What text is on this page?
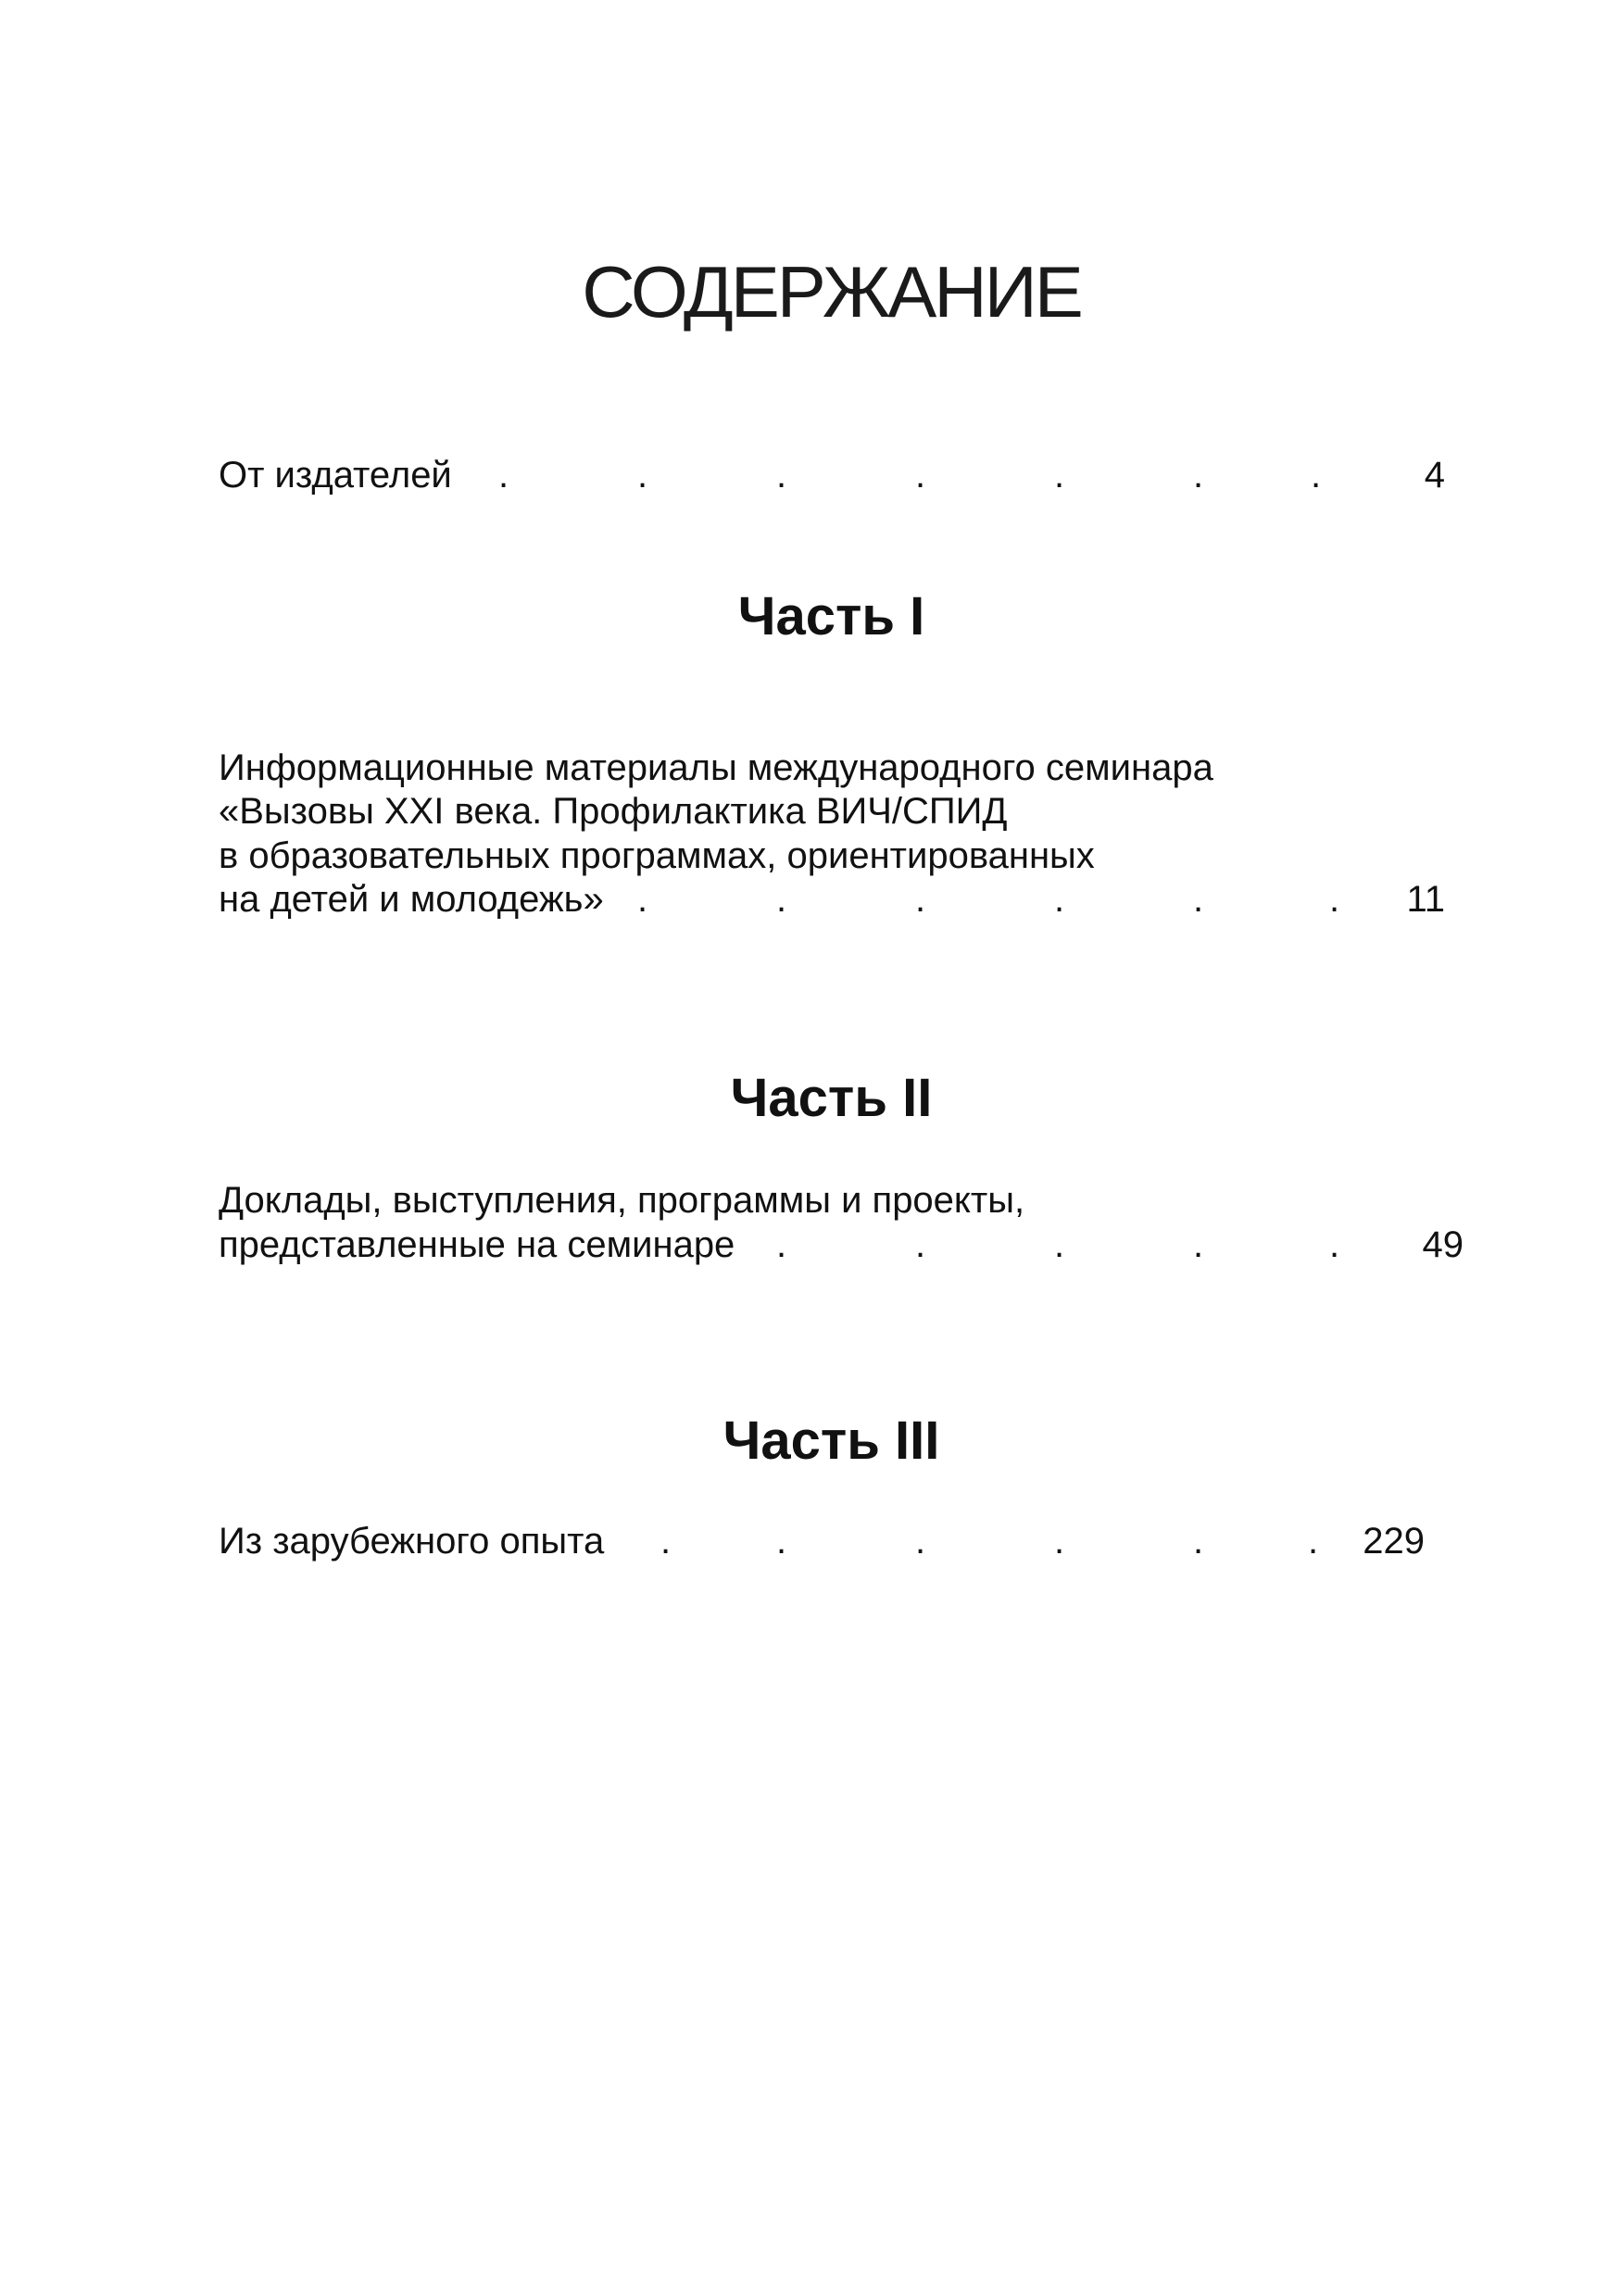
СОДЕРЖАНИЕ
От издателей .	.	.	.	.	.	.	4
Часть I
Информационные материалы международного семинара
«Вызовы XXI века. Профилактика ВИЧ/СПИД
в образовательных программах, ориентированных
на детей и молодежь» .	.	.	.	.	.	11
Часть II
Доклады, выступления, программы и проекты,
представленные на семинаре .	.	.	.	.	49
Часть III
Из зарубежного опыта .	.	.	.	.	.	229
